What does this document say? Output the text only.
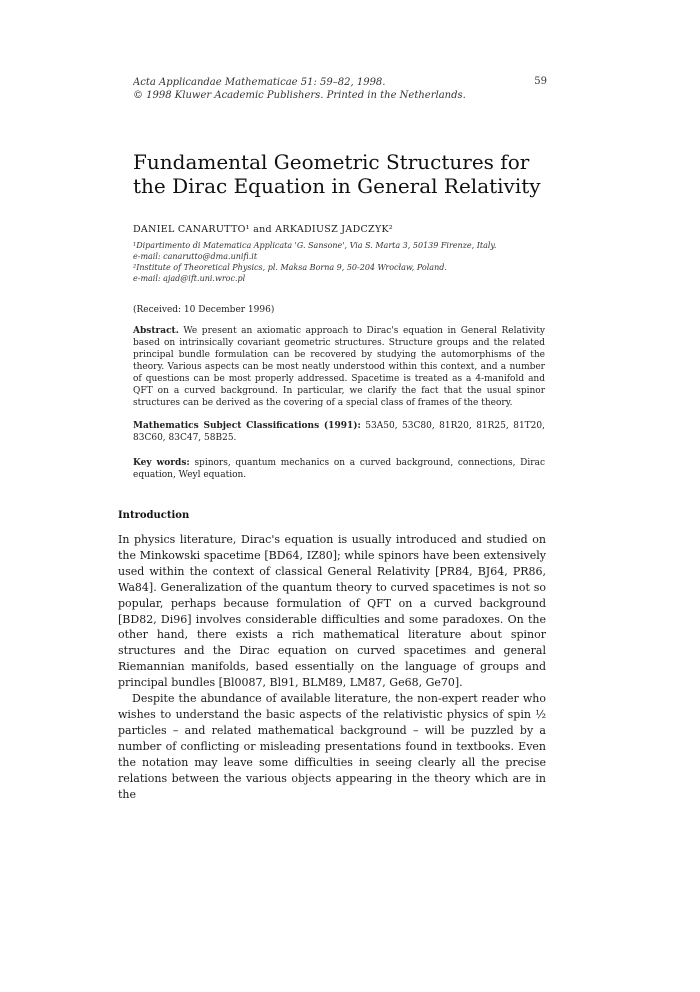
Acta Applicandae Mathematicae 51: 59–82, 1998.
© 1998 Kluwer Academic Publishers. Printed in the Netherlands.
59
Fundamental Geometric Structures for the Dirac Equation in General Relativity
DANIEL CANARUTTO¹ and ARKADIUSZ JADCZYK²
¹Dipartimento di Matematica Applicata 'G. Sansone', Via S. Marta 3, 50139 Firenze, Italy.
e-mail: canarutto@dma.unifi.it
²Institute of Theoretical Physics, pl. Maksa Borna 9, 50-204 Wrocław, Poland.
e-mail: ajad@ift.uni.wroc.pl
(Received: 10 December 1996)
Abstract. We present an axiomatic approach to Dirac's equation in General Relativity based on intrinsically covariant geometric structures. Structure groups and the related principal bundle formulation can be recovered by studying the automorphisms of the theory. Various aspects can be most neatly understood within this context, and a number of questions can be most properly addressed. Spacetime is treated as a 4-manifold and QFT on a curved background. In particular, we clarify the fact that the usual spinor structures can be derived as the covering of a special class of frames of the theory.
Mathematics Subject Classifications (1991): 53A50, 53C80, 81R20, 81R25, 81T20, 83C60, 83C47, 58B25.
Key words: spinors, quantum mechanics on a curved background, connections, Dirac equation, Weyl equation.
Introduction

In physics literature, Dirac's equation is usually introduced and studied on the Minkowski spacetime [BD64, IZ80]; while spinors have been extensively used within the context of classical General Relativity [PR84, BJ64, PR86, Wa84]. Generalization of the quantum theory to curved spacetimes is not so popular, perhaps because formulation of QFT on a curved background [BD82, Di96] involves considerable difficulties and some paradoxes. On the other hand, there exists a rich mathematical literature about spinor structures and the Dirac equation on curved spacetimes and general Riemannian manifolds, based essentially on the language of groups and principal bundles [Bl0087, Bl91, BLM89, LM87, Ge68, Ge70].

Despite the abundance of available literature, the non-expert reader who wishes to understand the basic aspects of the relativistic physics of spin ½ particles – and related mathematical background – will be puzzled by a number of conflicting or misleading presentations found in textbooks. Even the notation may leave some difficulties in seeing clearly all the precise relations between the various objects appearing in the theory which are in the
